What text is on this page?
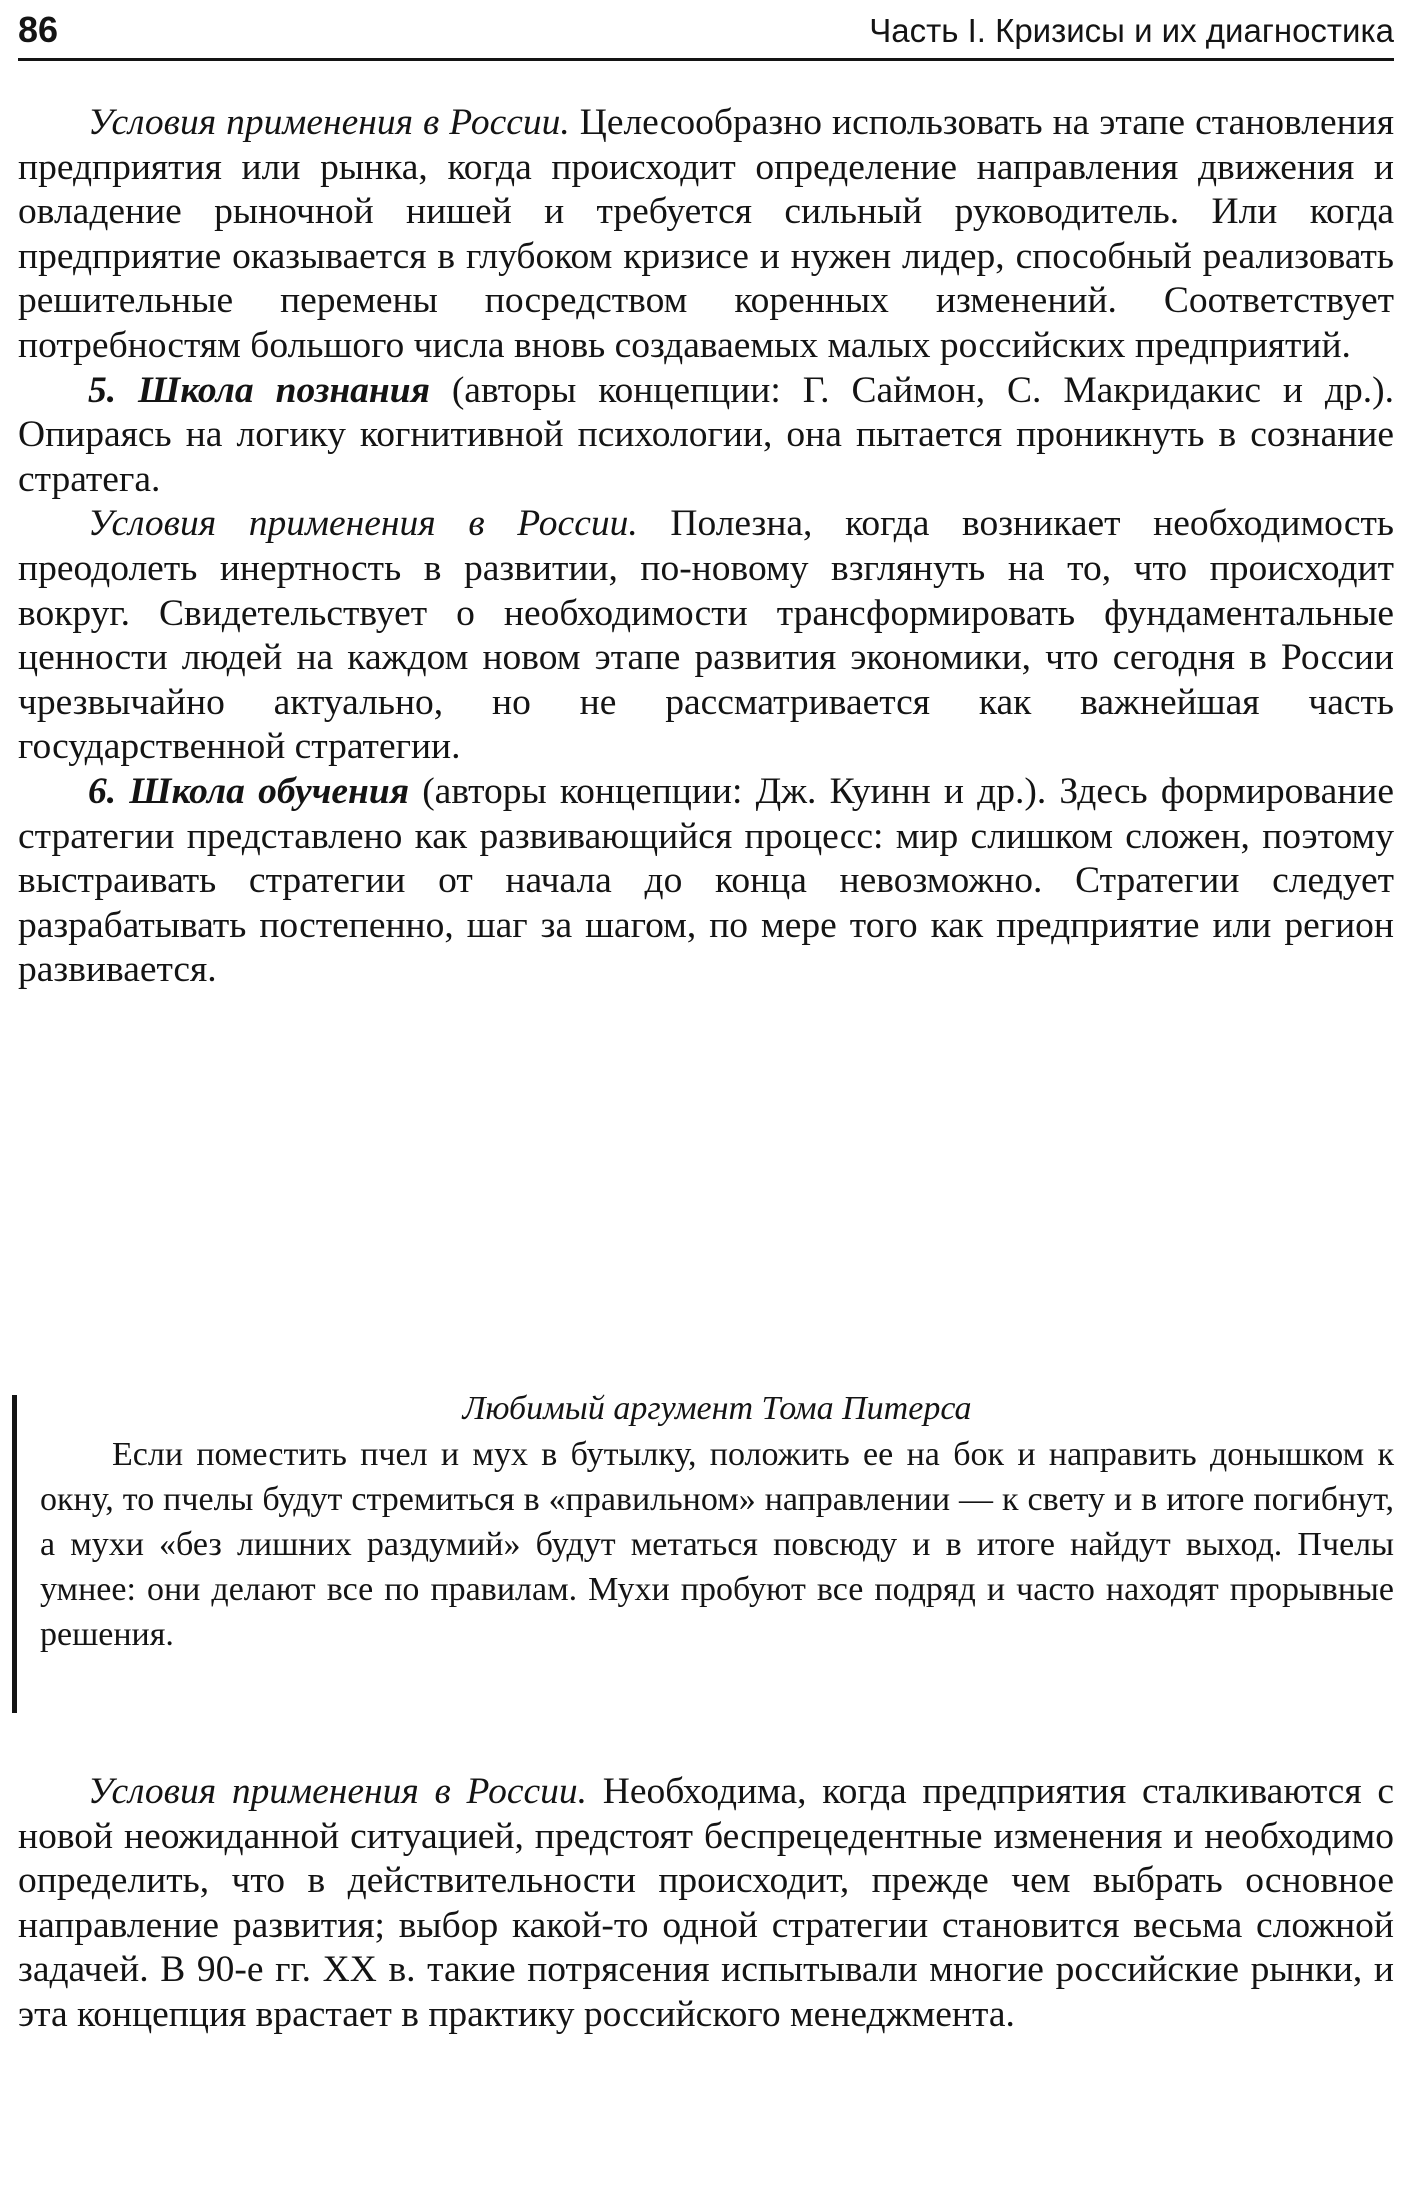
86	Часть I. Кризисы и их диагностика

Условия применения в России. Целесообразно использовать на этапе становления предприятия или рынка, когда происходит определение направления движения и овладение рыночной нишей и требуется сильный руководитель. Или когда предприятие оказывается в глубоком кризисе и нужен лидер, способный реализовать решительные перемены посредством коренных изменений. Соответствует потребностям большого числа вновь создаваемых малых российских предприятий.

5. Школа познания (авторы концепции: Г. Саймон, С. Макридакис и др.). Опираясь на логику когнитивной психологии, она пытается проникнуть в сознание стратега.

Условия применения в России. Полезна, когда возникает необходимость преодолеть инертность в развитии, по-новому взглянуть на то, что происходит вокруг. Свидетельствует о необходимости трансформировать фундаментальные ценности людей на каждом новом этапе развития экономики, что сегодня в России чрезвычайно актуально, но не рассматривается как важнейшая часть государственной стратегии.

6. Школа обучения (авторы концепции: Дж. Куинн и др.). Здесь формирование стратегии представлено как развивающийся процесс: мир слишком сложен, поэтому выстраивать стратегии от начала до конца невозможно. Стратегии следует разрабатывать постепенно, шаг за шагом, по мере того как предприятие или регион развивается.

Любимый аргумент Тома Питерса

Если поместить пчел и мух в бутылку, положить ее на бок и направить донышком к окну, то пчелы будут стремиться в «правильном» направлении — к свету и в итоге погибнут, а мухи «без лишних раздумий» будут метаться повсюду и в итоге найдут выход. Пчелы умнее: они делают все по правилам. Мухи пробуют все подряд и часто находят прорывные решения.

Условия применения в России. Необходима, когда предприятия сталкиваются с новой неожиданной ситуацией, предстоят беспрецедентные изменения и необходимо определить, что в действительности происходит, прежде чем выбрать основное направление развития; выбор какой-то одной стратегии становится весьма сложной задачей. В 90-е гг. XX в. такие потрясения испытывали многие российские рынки, и эта концепция врастает в практику российского менеджмента.
